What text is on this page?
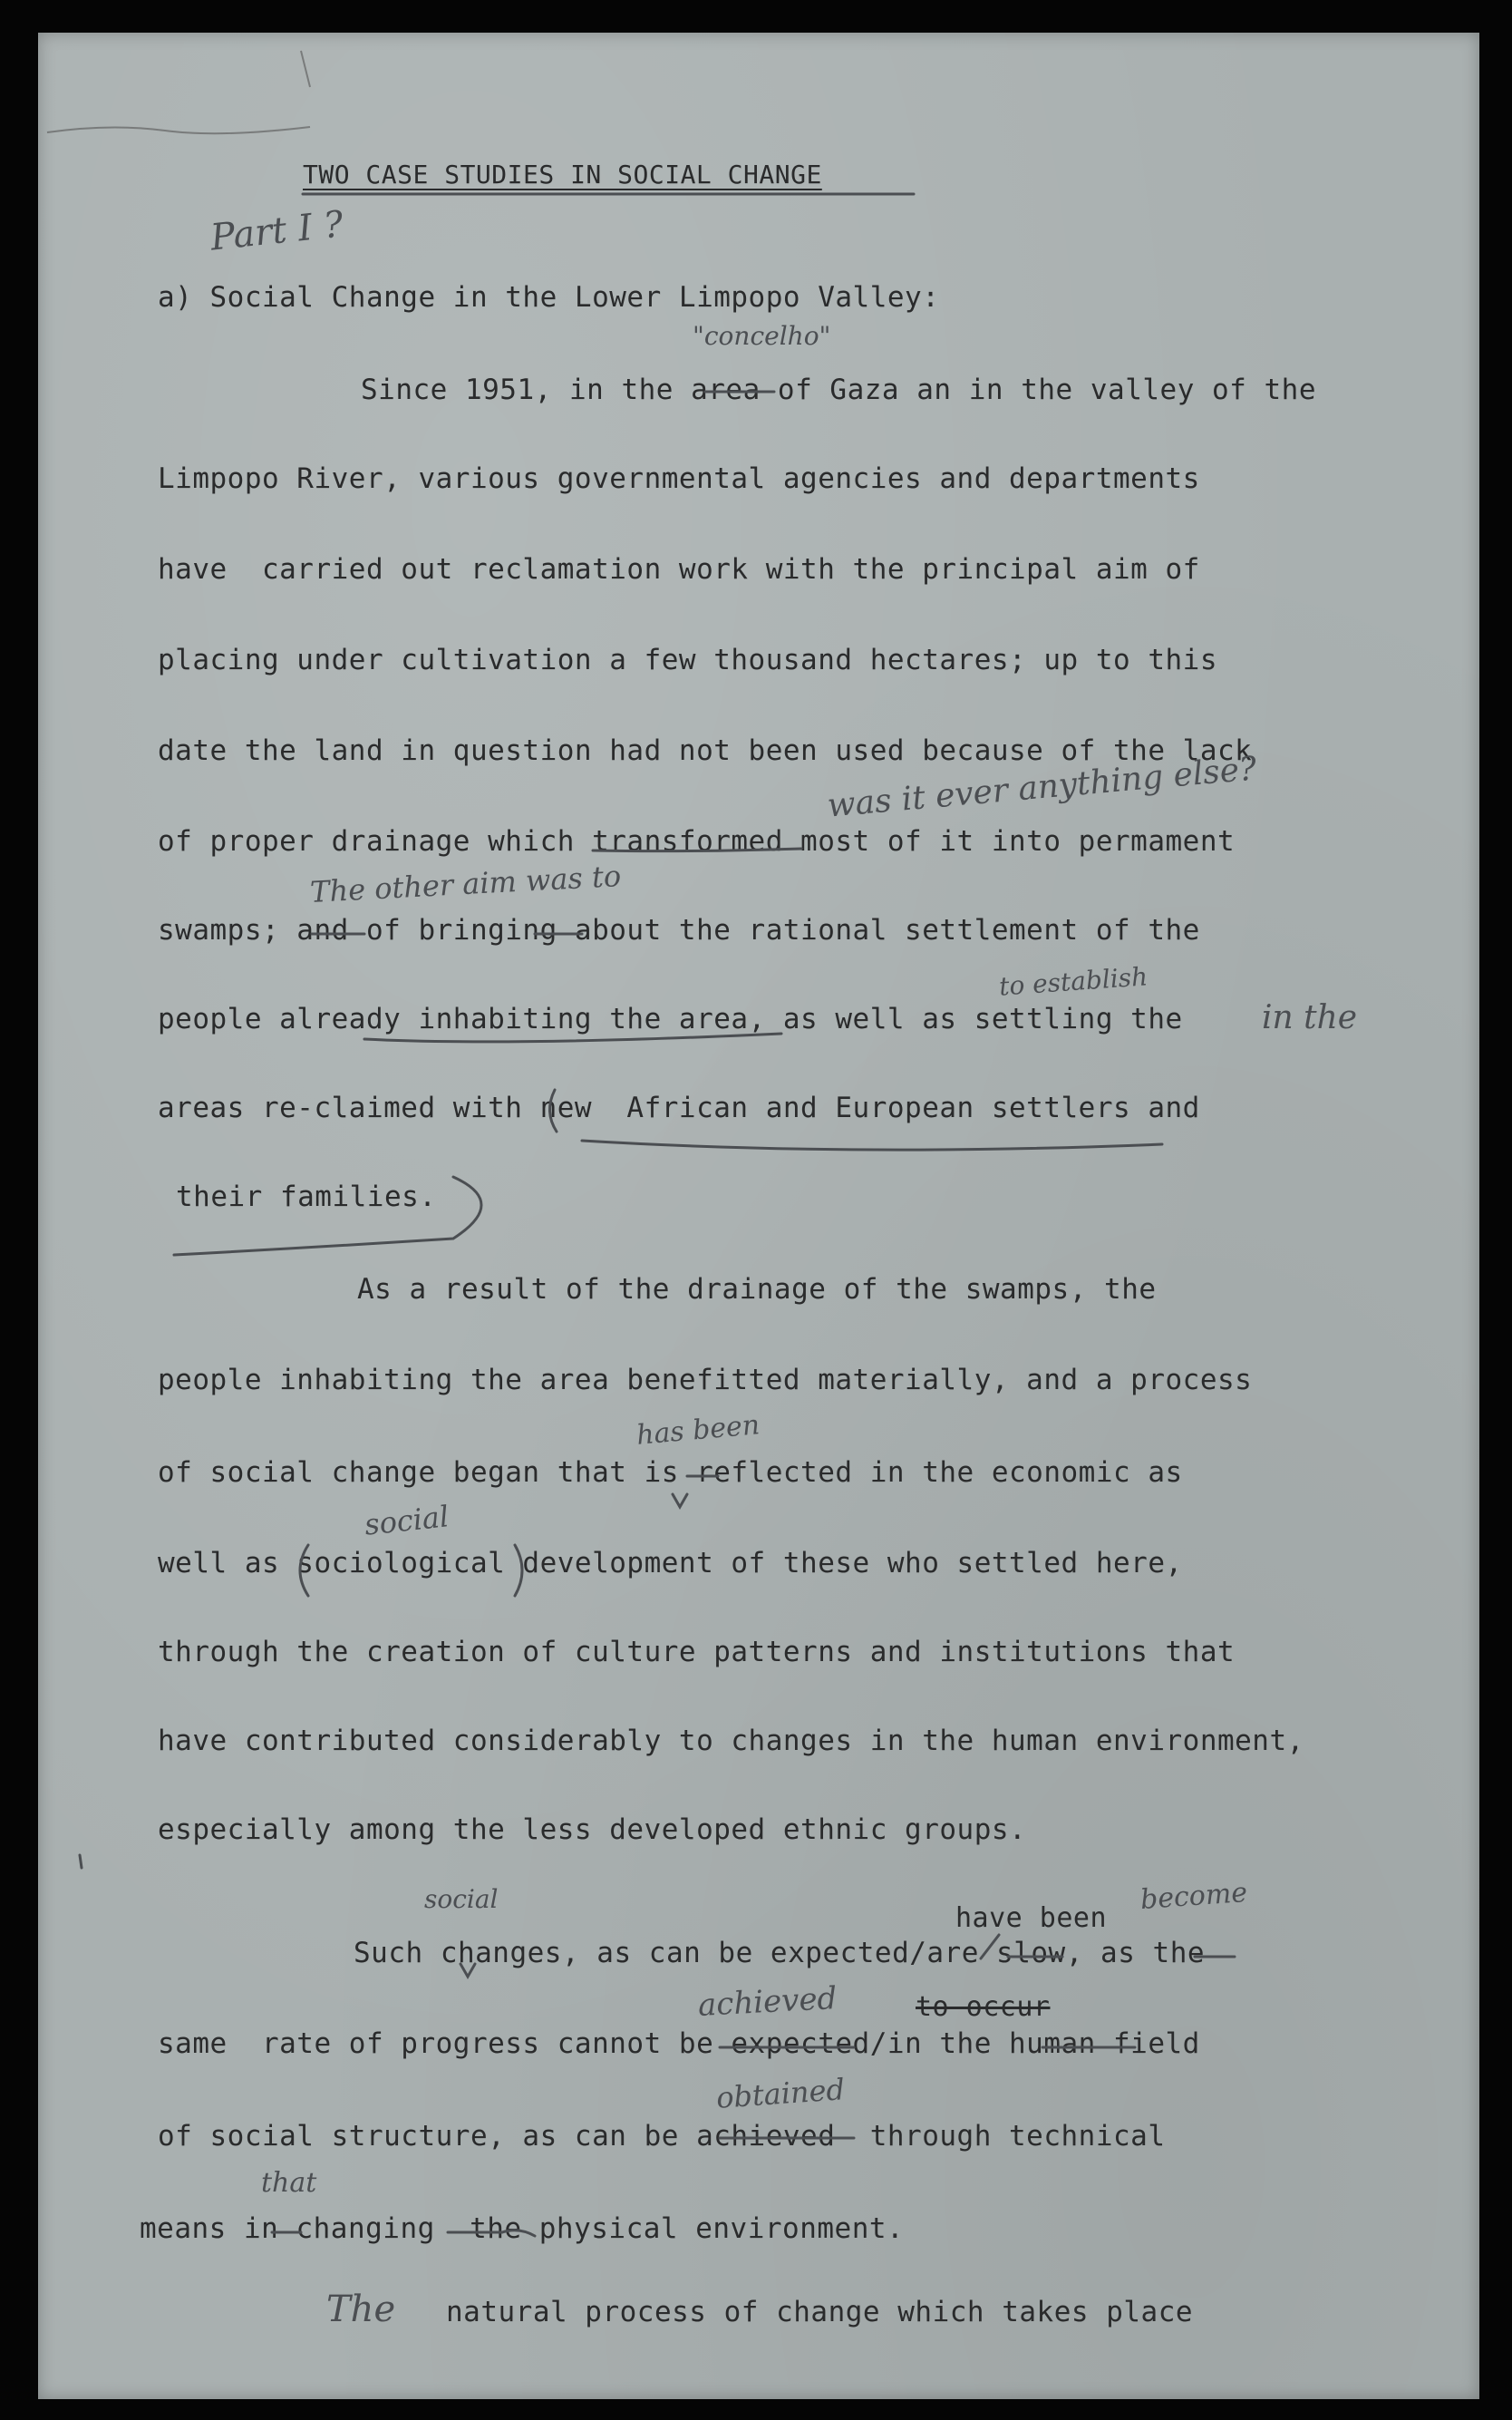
TWO CASE STUDIES IN SOCIAL CHANGE
Part I ?
a) Social Change in the Lower Limpopo Valley:
"concelho"
Since 1951, in the area of Gaza an in the valley of the
Limpopo River, various governmental agencies and departments
have  carried out reclamation work with the principal aim of
placing under cultivation a few thousand hectares; up to this
date the land in question had not been used because of the lack
was it ever anything else?
of proper drainage which transformed most of it into permament
The other aim was to
swamps; and of bringing about the rational settlement of the
to establish
people already inhabiting the area, as well as settling the in the
areas re-claimed with new  African and European settlers and
their families.
As a result of the drainage of the swamps, the
people inhabiting the area benefitted materially, and a process
has been
of social change began that is reflected in the economic as
social
well as sociological development of these who settled here,
through the creation of culture patterns and institutions that
have contributed considerably to changes in the human environment,
especially among the less developed ethnic groups.
social
have been
become
Such changes, as can be expected/are slow, as the
achieved	to occur
same  rate of progress cannot be expected/in the human field
obtained
of social structure, as can be achieved  through technical
that
means in changing  the physical environment.
The natural process of change which takes place
